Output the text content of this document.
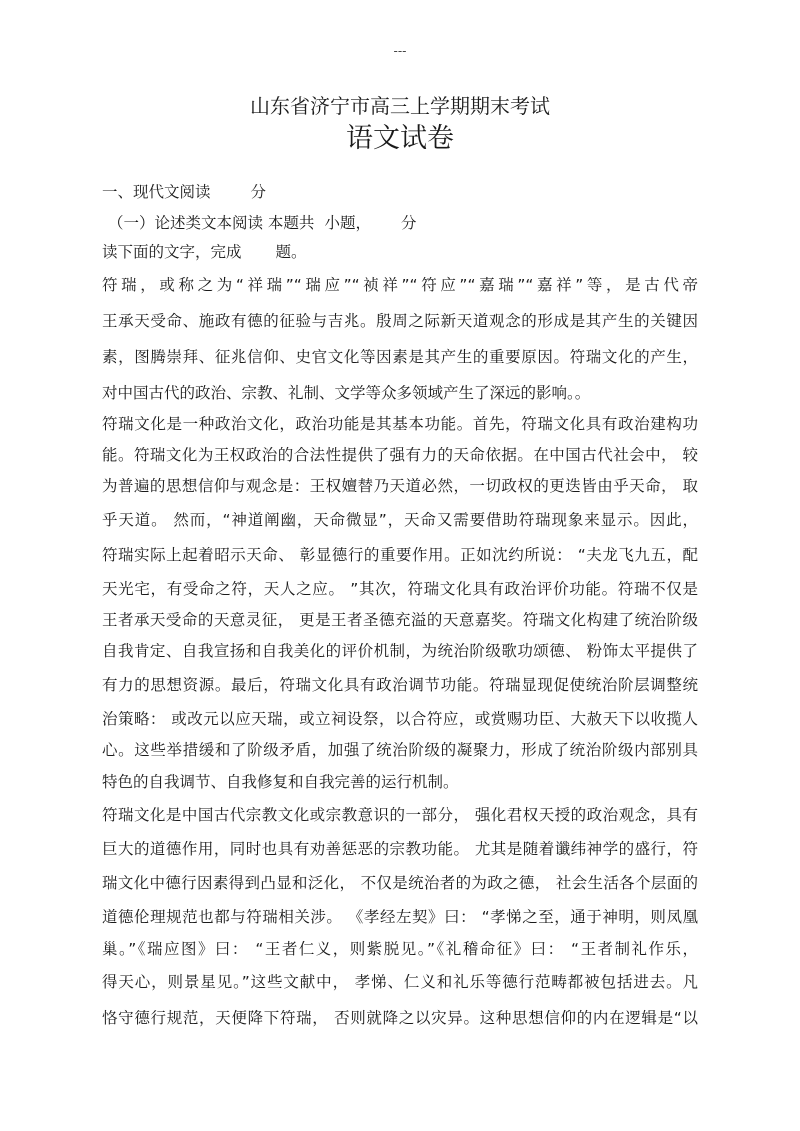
---
山东省济宁市高三上学期期末考试
语文试卷
一、现代文阅读	分
（一）论述类文本阅读 本题共 小题， 分
读下面的文字，完成 题。
符瑞，或称之为“祥瑞”“瑞应”“祯祥”“符应”“嘉瑞”“嘉祥”等，是古代帝
王承天受命、施政有德的征验与吉兆。殷周之际新天道观念的形成是其产生的关键因
素，图腾崇拜、征兆信仰、史官文化等因素是其产生的重要原因。符瑞文化的产生，
对中国古代的政治、宗教、礼制、文学等众多领域产生了深远的影响。。
符瑞文化是一种政治文化，政治功能是其基本功能。首先，符瑞文化具有政治建构功
能。符瑞文化为王权政治的合法性提供了强有力的天命依据。在中国古代社会中， 较
为普遍的思想信仰与观念是：王权嬗替乃天道必然，一切政权的更迭皆由乎天命， 取
乎天道。 然而，“神道阐幽，天命微显”，天命又需要借助符瑞现象来显示。因此，
符瑞实际上起着昭示天命、 彰显德行的重要作用。正如沈约所说： “夫龙飞九五，配
天光宅，有受命之符，天人之应。 ”其次，符瑞文化具有政治评价功能。符瑞不仅是
王者承天受命的天意灵征， 更是王者圣德充溢的天意嘉奖。符瑞文化构建了统治阶级
自我肯定、自我宣扬和自我美化的评价机制，为统治阶级歌功颂德、 粉饰太平提供了
有力的思想资源。最后，符瑞文化具有政治调节功能。符瑞显现促使统治阶层调整统
治策略： 或改元以应天瑞，或立祠设祭，以合符应，或赏赐功臣、大赦天下以收揽人
心。这些举措缓和了阶级矛盾，加强了统治阶级的凝聚力，形成了统治阶级内部别具
特色的自我调节、自我修复和自我完善的运行机制。
符瑞文化是中国古代宗教文化或宗教意识的一部分， 强化君权天授的政治观念，具有
巨大的道德作用，同时也具有劝善惩恶的宗教功能。 尤其是随着谶纬神学的盛行，符
瑞文化中德行因素得到凸显和泛化， 不仅是统治者的为政之德， 社会生活各个层面的
道德伦理规范也都与符瑞相关涉。 《孝经左契》曰： “孝悌之至，通于神明，则凤凰
巢。”《瑞应图》曰： “王者仁义，则紫脱见。”《礼稽命征》曰： “王者制礼作乐，
得天心，则景星见。”这些文献中， 孝悌、仁义和礼乐等德行范畴都被包括进去。凡
恪守德行规范，天便降下符瑞， 否则就降之以灾异。这种思想信仰的内在逻辑是“以
